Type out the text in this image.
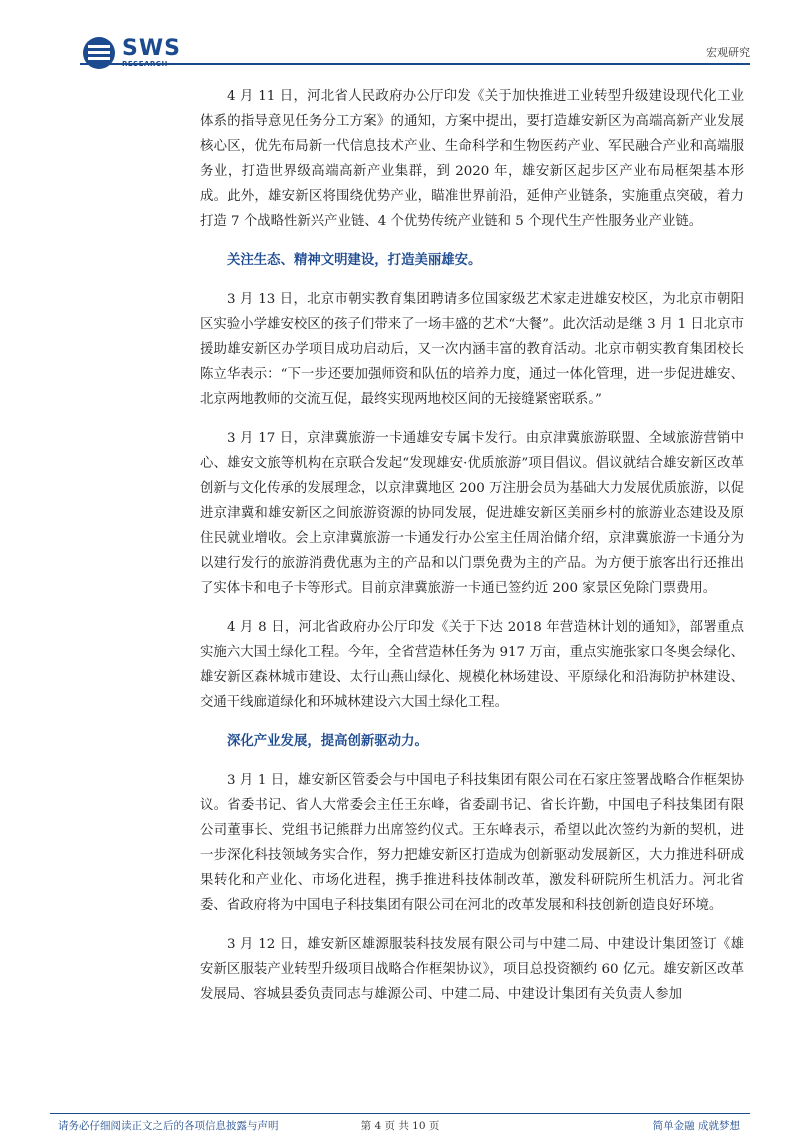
SWS
RESEARCH
宏观研究

4 月 11 日，河北省人民政府办公厅印发《关于加快推进工业转型升级建设现代化工业体系的指导意见任务分工方案》的通知，方案中提出，要打造雄安新区为高端高新产业发展核心区，优先布局新一代信息技术产业、生命科学和生物医药产业、军民融合产业和高端服务业，打造世界级高端高新产业集群，到 2020 年，雄安新区起步区产业布局框架基本形成。此外，雄安新区将围绕优势产业，瞄准世界前沿，延伸产业链条，实施重点突破，着力打造 7 个战略性新兴产业链、4 个优势传统产业链和 5 个现代生产性服务业产业链。

关注生态、精神文明建设，打造美丽雄安。

3 月 13 日，北京市朝实教育集团聘请多位国家级艺术家走进雄安校区，为北京市朝阳区实验小学雄安校区的孩子们带来了一场丰盛的艺术“大餐”。此次活动是继 3 月 1 日北京市援助雄安新区办学项目成功启动后，又一次内涵丰富的教育活动。北京市朝实教育集团校长陈立华表示：“下一步还要加强师资和队伍的培养力度，通过一体化管理，进一步促进雄安、北京两地教师的交流互促，最终实现两地校区间的无接缝紧密联系。”

3 月 17 日，京津冀旅游一卡通雄安专属卡发行。由京津冀旅游联盟、全域旅游营销中心、雄安文旅等机构在京联合发起“发现雄安·优质旅游”项目倡议。倡议就结合雄安新区改革创新与文化传承的发展理念，以京津冀地区 200 万注册会员为基础大力发展优质旅游，以促进京津冀和雄安新区之间旅游资源的协同发展，促进雄安新区美丽乡村的旅游业态建设及原住民就业增收。会上京津冀旅游一卡通发行办公室主任周治储介绍，京津冀旅游一卡通分为以建行发行的旅游消费优惠为主的产品和以门票免费为主的产品。为方便于旅客出行还推出了实体卡和电子卡等形式。目前京津冀旅游一卡通已签约近 200 家景区免除门票费用。

4 月 8 日，河北省政府办公厅印发《关于下达 2018 年营造林计划的通知》，部署重点实施六大国土绿化工程。今年，全省营造林任务为 917 万亩，重点实施张家口冬奥会绿化、雄安新区森林城市建设、太行山燕山绿化、规模化林场建设、平原绿化和沿海防护林建设、交通干线廊道绿化和环城林建设六大国土绿化工程。

深化产业发展，提高创新驱动力。

3 月 1 日，雄安新区管委会与中国电子科技集团有限公司在石家庄签署战略合作框架协议。省委书记、省人大常委会主任王东峰，省委副书记、省长许勤，中国电子科技集团有限公司董事长、党组书记熊群力出席签约仪式。王东峰表示，希望以此次签约为新的契机，进一步深化科技领域务实合作，努力把雄安新区打造成为创新驱动发展新区，大力推进科研成果转化和产业化、市场化进程，携手推进科技体制改革，激发科研院所生机活力。河北省委、省政府将为中国电子科技集团有限公司在河北的改革发展和科技创新创造良好环境。

3 月 12 日，雄安新区雄源服装科技发展有限公司与中建二局、中建设计集团签订《雄安新区服装产业转型升级项目战略合作框架协议》，项目总投资额约 60 亿元。雄安新区改革发展局、容城县委负责同志与雄源公司、中建二局、中建设计集团有关负责人参加

请务必仔细阅读正文之后的各项信息披露与声明	第 4 页 共 10 页	简单金融 成就梦想
